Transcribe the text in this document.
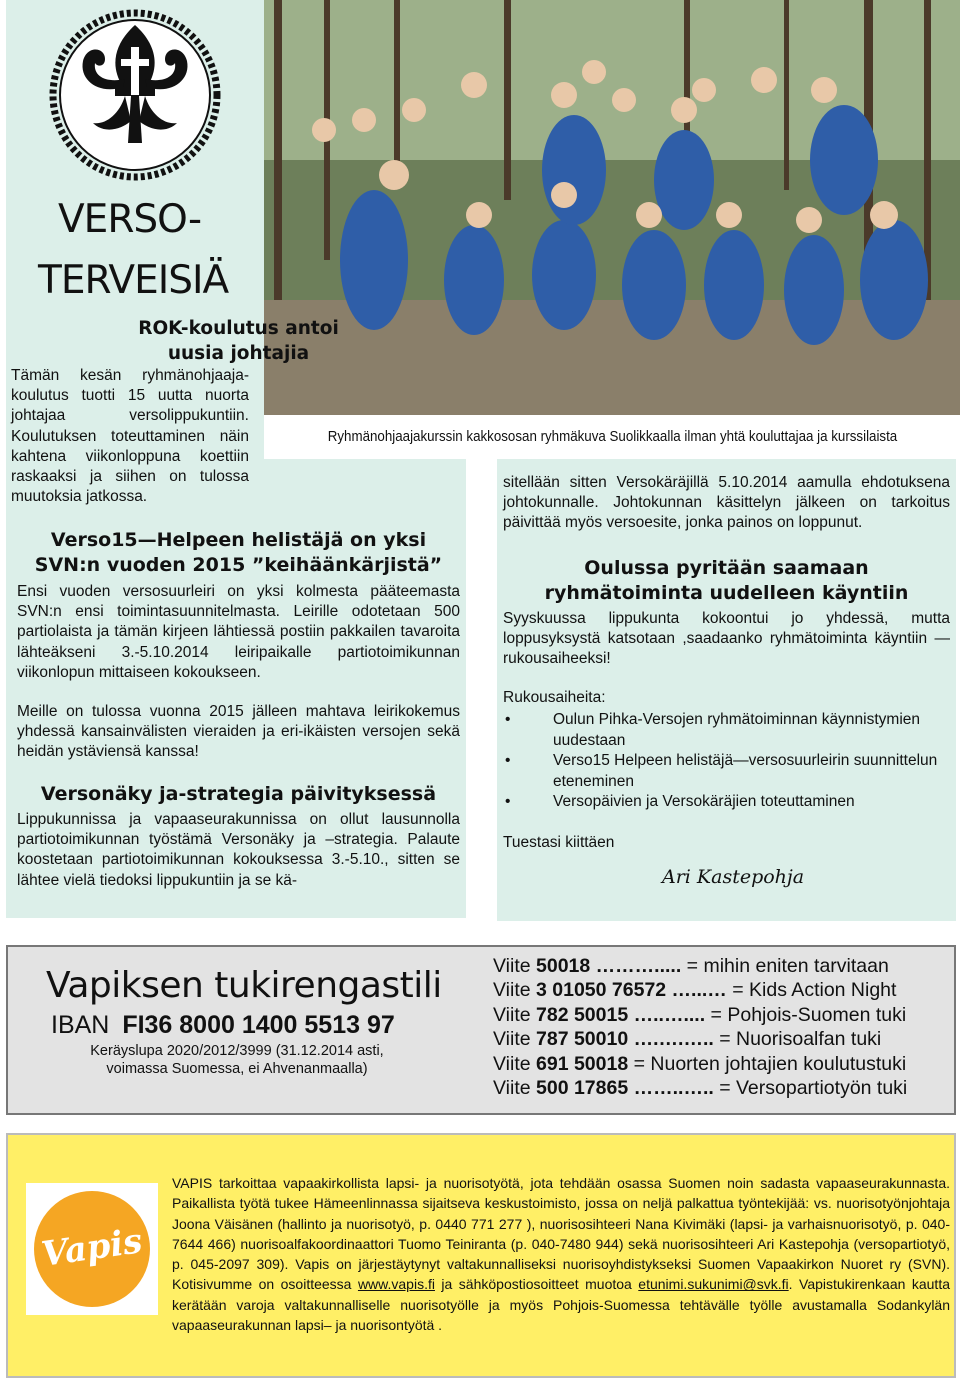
VERSO-
TERVEISIÄ
Ryhmänohjaajakurssin kakkososan ryhmäkuva Suolikkaalla ilman yhtä kouluttajaa ja kurssilaista

ROK-koulutus antoi

uusia johtajia

Tämän kesän ryhmänohjaaja-koulutus tuotti 15 uutta nuorta johtajaa versolippukuntiin. Koulutuksen toteuttaminen näin kahtena viikonloppuna koettiin raskaaksi ja siihen on tulossa muutoksia jatkossa.

Verso15—Helpeen helistäjä on yksi

SVN:n vuoden 2015 ”keihäänkärjistä”

Ensi vuoden versosuurleiri on yksi kolmesta pääteemasta SVN:n ensi toimintasuunnitelmasta. Leirille odotetaan 500 partiolaista ja tämän kirjeen lähtiessä postiin pakkailen tavaroita lähteäkseni 3.-5.10.2014 leiripaikalle partiotoimikunnan viikonlopun mittaiseen kokoukseen.

Meille on tulossa vuonna 2015 jälleen mahtava leirikokemus yhdessä kansainvälisten vieraiden ja eri-ikäisten versojen sekä heidän ystäviensä kanssa!

Versonäky ja-strategia päivityksessä

Lippukunnissa ja vapaaseurakunnissa on ollut lausunnolla partiotoimikunnan työstämä Versonäky ja –strategia. Palaute koostetaan partiotoimikunnan kokouksessa 3.-5.10., sitten se lähtee vielä tiedoksi lippukuntiin ja se kä-

sitellään sitten Versokäräjillä 5.10.2014 aamulla ehdotuksena johtokunnalle. Johtokunnan käsittelyn jälkeen on tarkoitus päivittää myös versoesite, jonka painos on loppunut.

Oulussa pyritään saamaan

ryhmätoiminta uudelleen käyntiin

Syyskuussa lippukunta kokoontui jo yhdessä, mutta loppusyksystä katsotaan ,saadaanko ryhmätoiminta käyntiin — rukousaiheeksi!

Rukousaiheita:

• Oulun Pihka-Versojen ryhmätoiminnan käynnistymien uudestaan
• Verso15 Helpeen helistäjä—versosuurleirin suunnittelun eteneminen
• Versopäivien ja Versokäräjien toteuttaminen

Tuestasi kiittäen

Ari Kastepohja
Vapiksen tukirengastili
IBAN FI36 8000 1400 5513 97
Keräyslupa 2020/2012/3999 (31.12.2014 asti,
voimassa Suomessa, ei Ahvenanmaalla)
Viite 50018 ………..... = mihin eniten tarvitaan
Viite 3 01050 76572 …...… = Kids Action Night
Viite 782 50015 …..….... = Pohjois-Suomen tuki
Viite 787 50010 ….….….. = Nuorisoalfan tuki
Viite 691 50018 = Nuorten johtajien koulutustuki
Viite 500 17865 ……..….. = Versopartiotyön tuki
Vapis
VAPIS tarkoittaa vapaakirkollista lapsi- ja nuorisotyötä, jota tehdään osassa Suomen noin sadasta vapaaseurakunnasta. Paikallista työtä tukee Hämeenlinnassa sijaitseva keskustoimisto, jossa on neljä palkattua työntekijää: vs. nuorisotyönjohtaja Joona Väisänen (hallinto ja nuorisotyö, p. 0440 771 277 ), nuorisosihteeri Nana Kivimäki (lapsi- ja varhaisnuorisotyö, p. 040-7644 466) nuorisoalfakoordinaattori Tuomo Teiniranta (p. 040-7480 944) sekä nuorisosihteeri Ari Kastepohja (versopartiotyö, p. 045-2097 309). Vapis on järjestäytynyt valtakunnalliseksi nuorisoyhdistykseksi Suomen Vapaakirkon Nuoret ry (SVN). Kotisivumme on osoitteessa www.vapis.fi ja sähköpostiosoitteet muotoa etunimi.sukunimi@svk.fi. Vapistukirenkaan kautta kerätään varoja valtakunnalliselle nuorisotyölle ja myös Pohjois-Suomessa tehtävälle työlle avustamalla Sodankylän vapaaseurakunnan lapsi– ja nuorisontyötä .
